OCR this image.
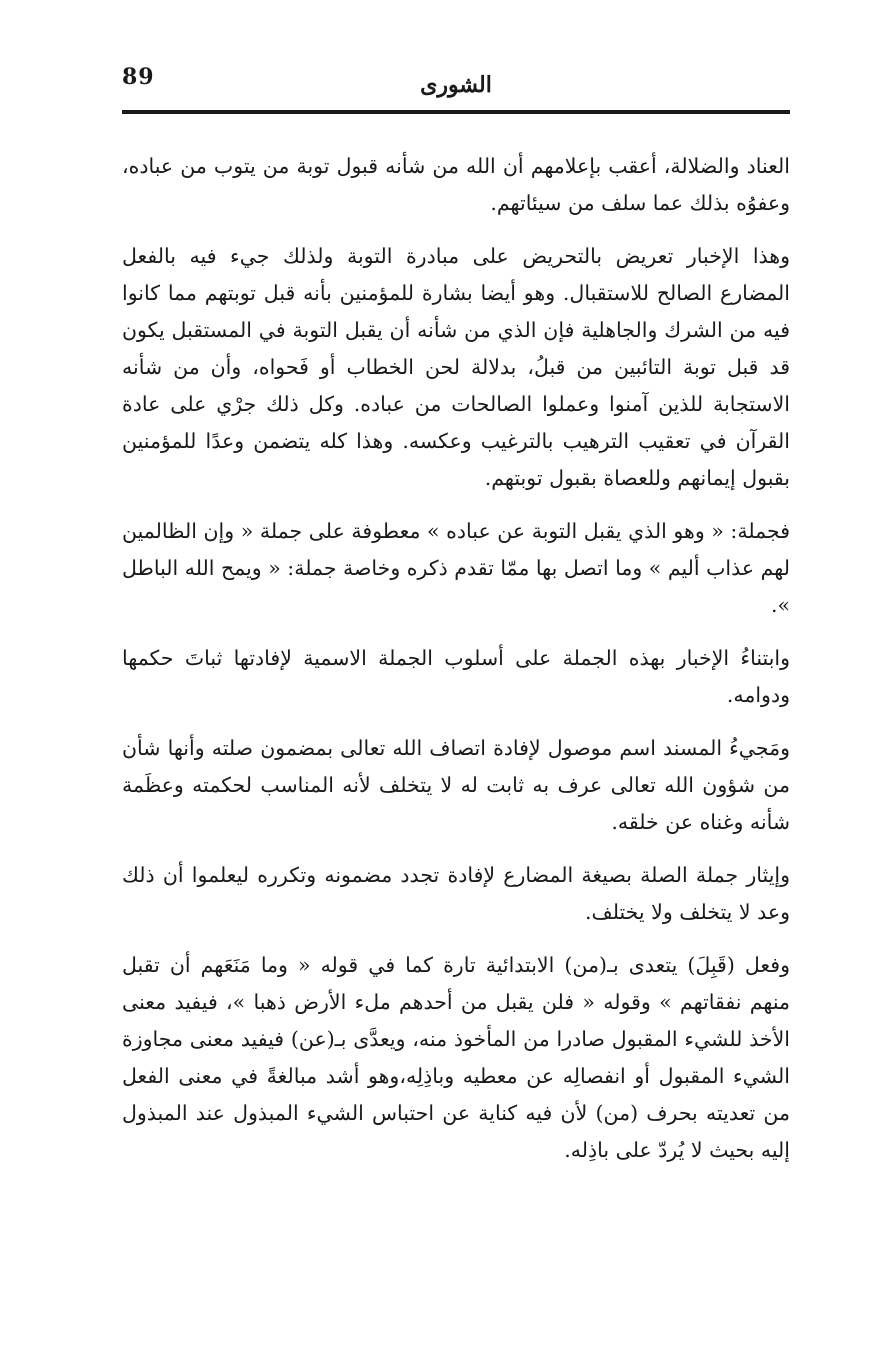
89	الشورى

العناد والضلالة، أعقب بإعلامهم أن الله من شأنه قبول توبة من يتوب من عباده، وعفوُه بذلك عما سلف من سيئاتهم.

وهذا الإخبار تعريض بالتحريض على مبادرة التوبة ولذلك جيء فيه بالفعل المضارع الصالح للاستقبال. وهو أيضا بشارة للمؤمنين بأنه قبل توبتهم مما كانوا فيه من الشرك والجاهلية فإن الذي من شأنه أن يقبل التوبة في المستقبل يكون قد قبل توبة التائبين من قبلُ، بدلالة لحن الخطاب أو فَحواه، وأن من شأنه الاستجابة للذين آمنوا وعملوا الصالحات من عباده. وكل ذلك جرْي على عادة القرآن في تعقيب الترهيب بالترغيب وعكسه. وهذا كله يتضمن وعدًا للمؤمنين بقبول إيمانهم وللعصاة بقبول توبتهم.

فجملة: « وهو الذي يقبل التوبة عن عباده » معطوفة على جملة « وإن الظالمين لهم عذاب أليم » وما اتصل بها ممّا تقدم ذكره وخاصة جملة: « ويمح الله الباطل ».

وابتناءُ الإخبار بهذه الجملة على أسلوب الجملة الاسمية لإفادتها ثباتَ حكمها ودوامه.

ومَجيءُ المسند اسم موصول لإفادة اتصاف الله تعالى بمضمون صلته وأنها شأن من شؤون الله تعالى عرف به ثابت له لا يتخلف لأنه المناسب لحكمته وعظَمة شأنه وغناه عن خلقه.

وإيثار جملة الصلة بصيغة المضارع لإفادة تجدد مضمونه وتكرره ليعلموا أن ذلك وعد لا يتخلف ولا يختلف.

وفعل (قَبِلَ) يتعدى بـ(من) الابتدائية تارة كما في قوله « وما مَنَعَهم أن تقبل منهم نفقاتهم » وقوله « فلن يقبل من أحدهم ملء الأرض ذهبا »، فيفيد معنى الأخذ للشيء المقبول صادرا من المأخوذ منه، ويعدَّى بـ(عن) فيفيد معنى مجاوزة الشيء المقبول أو انفصالِه عن معطيه وباذِلِه،وهو أشد مبالغةً في معنى الفعل من تعديته بحرف (من) لأن فيه كناية عن احتباس الشيء المبذول عند المبذول إليه بحيث لا يُردّ على باذِله.
